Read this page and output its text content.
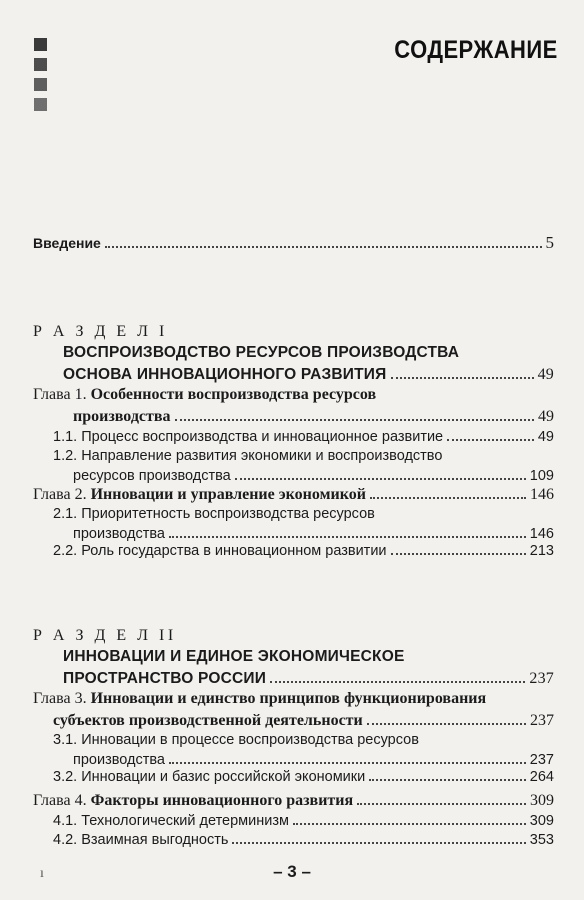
СОДЕРЖАНИЕ
Введение	5
Р А З Д Е Л I
ВОСПРОИЗВОДСТВО РЕСУРСОВ ПРОИЗВОДСТВА
ОСНОВА ИННОВАЦИОННОГО РАЗВИТИЯ	49
Глава 1. Особенности воспроизводства ресурсов
производства	49
1.1. Процесс воспроизводства и инновационное развитие	49
1.2. Направление развития экономики и воспроизводство
ресурсов производства	109
Глава 2. Инновации и управление экономикой	146
2.1. Приоритетность воспроизводства ресурсов
производства	146
2.2. Роль государства в инновационном развитии	213
Р А З Д Е Л II
ИННОВАЦИИ И ЕДИНОЕ ЭКОНОМИЧЕСКОЕ
ПРОСТРАНСТВО РОССИИ	237
Глава 3. Инновации и единство принципов функционирования
субъектов производственной деятельности	237
3.1. Инновации в процессе воспроизводства ресурсов
производства	237
3.2. Инновации и базис российской экономики	264
Глава 4. Факторы инновационного развития	309
4.1. Технологический детерминизм	309
4.2. Взаимная выгодность	353
– 3 –
ı
